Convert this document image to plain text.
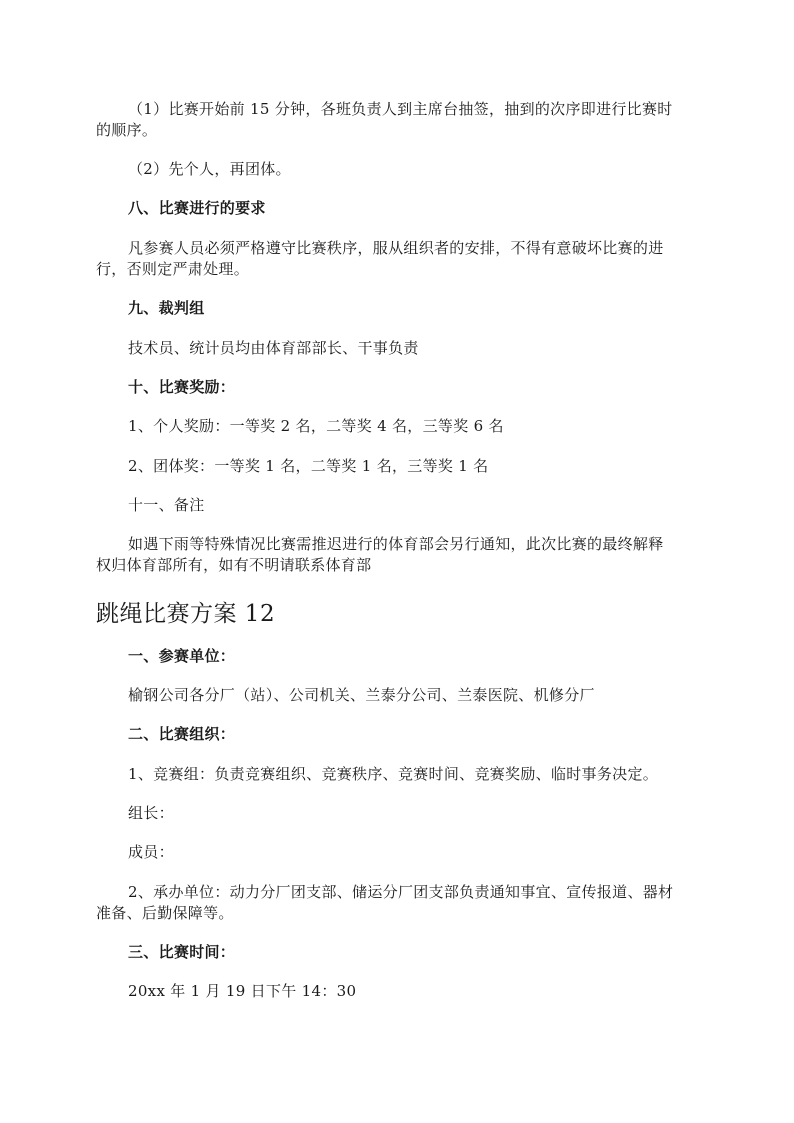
（1）比赛开始前 15 分钟，各班负责人到主席台抽签，抽到的次序即进行比赛时
的顺序。
（2）先个人，再团体。
八、比赛进行的要求
凡参赛人员必须严格遵守比赛秩序，服从组织者的安排，不得有意破坏比赛的进
行，否则定严肃处理。
九、裁判组
技术员、统计员均由体育部部长、干事负责
十、比赛奖励：
1、个人奖励：一等奖 2 名，二等奖 4 名，三等奖 6 名
2、团体奖：一等奖 1 名，二等奖 1 名，三等奖 1 名
十一、备注
如遇下雨等特殊情况比赛需推迟进行的体育部会另行通知，此次比赛的最终解释
权归体育部所有，如有不明请联系体育部
跳绳比赛方案 12
一、参赛单位：
榆钢公司各分厂（站）、公司机关、兰泰分公司、兰泰医院、机修分厂
二、比赛组织：
1、竞赛组：负责竞赛组织、竞赛秩序、竞赛时间、竞赛奖励、临时事务决定。
组长：
成员：
2、承办单位：动力分厂团支部、储运分厂团支部负责通知事宜、宣传报道、器材
准备、后勤保障等。
三、比赛时间：
20xx 年 1 月 19 日下午 14：30
